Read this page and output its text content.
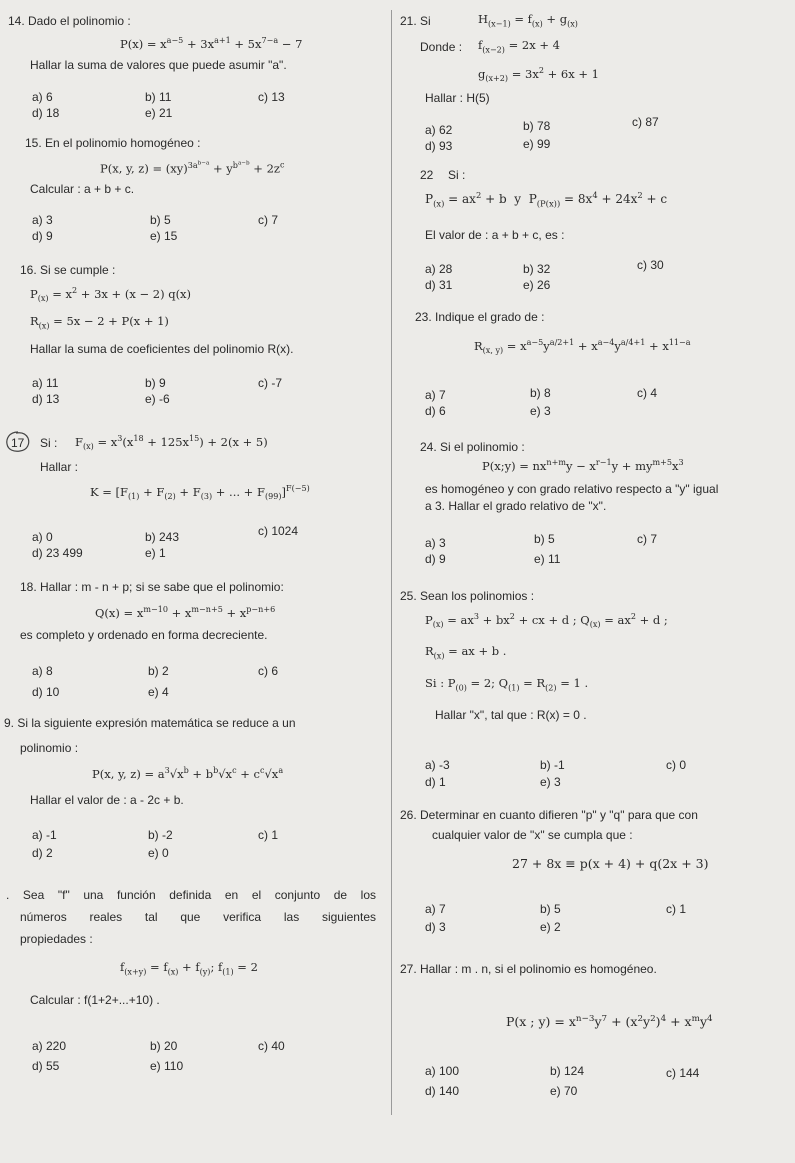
14. Dado el polinomio :
$P(x) = x^{a-5} + 3x^{a+1} + 5x^{7-a} - 7$
Hallar la suma de valores que puede asumir "a".
a) 6	b) 11	c) 13
d) 18	e) 21
15. En el polinomio homogéneo :
P(x, y, $z) = (xy)^{3a^{b-a}} + y^{b^{a-b}} + 2z^c$
Calcular : a + b + c.
a) 3	b) 5	c) 7
d) 9	e) 15
16. Si se cumple :
$P_{(x)} = x^2 + 3x + (x - 2)$ q(x)
$R_{(x)} = 5x - 2 + P(x + 1)$
Hallar la suma de coeficientes del polinomio R(x).
a) 11	b) 9	c) -7
d) 13	e) -6
17 Si : $F_{(x)} = x^3(x^{18} + 125x^{15}) + 2(x + 5)$
Hallar :
$K = [F_{(1)} + F_{(2)} + F_{(3)}$ + ... + $F_{(99)}]^{F(-5)}$
a) 0	b) 243	c) 1024
d) 23 499	e) 1
18. Hallar : m - n + p; si se sabe que el polinomio:
$Q(x) = x^{m-10} + x^{m-n+5} + x^{p-n+6}$
es completo y ordenado en forma decreciente.
a) 8	b) 2	c) 6
d) 10	e) 4
9. Si la siguiente expresión matemática se reduce a un
polinomio :
P(x, y, $z) = a^3√x^b + b^b√x^c + c^c√x^a$
Hallar el valor de : a - 2c + b.
a) -1	b) -2	c) 1
d) 2	e) 0
. Sea "f" una función definida en el conjunto de los
números reales tal que verifica las siguientes
propiedades :
$f_{(x+y)} = f_{(x)} + f_{(y)}$; $f_{(1)} = 2$
Calcular : f(1+2+...+10) .
a) 220	b) 20	c) 40
d) 55	e) 110
21. Si	$H_{(x-1)} = f_{(x)} + g_{(x)}$
Donde : $f_{(x-2)} = 2x + 4$
$g_{(x+2)} = 3x^2 + 6x + 1$
Hallar : H(5)
a) 62	b) 78	c) 87
d) 93	e) 99
22 Si :
$P_{(x)} = ax^2 + b$  y  $P_{(P(x))} = 8x^4 + 24x^2 + c$
El valor de : a + b + c, es :
a) 28	b) 32	c) 30
d) 31	e) 26
23. Indique el grado de :
$R_{(x, y)} = x^{a-5}y^{a/2+1} + x^{a-4}y^{a/4+1} + x^{11-a}$
a) 7	b) 8	c) 4
d) 6	e) 3
24. Si el polinomio :
P(x;y) = $nx^{n+m}y - x^{r-1}y + my^{m+5}x^3$
es homogéneo y con grado relativo respecto a "y" igual
a 3. Hallar el grado relativo de "x".
a) 3	b) 5	c) 7
d) 9	e) 11
25. Sean los polinomios :
$P_{(x)} = ax^3 + bx^2$ + cx + d ; $Q_{(x)} = ax^2 + d$ ;
$R_{(x)}$ = ax + b .
Si : $P_{(0)} = 2$; $Q_{(1)} = R_{(2)} = 1$ .
Hallar "x", tal que : R(x) = 0 .
a) -3	b) -1	c) 0
d) 1	e) 3
26. Determinar en cuanto difieren "p" y "q" para que con
cualquier valor de "x" se cumpla que :
27 + 8x ≡ p(x + 4) + q(2x + 3)
a) 7	b) 5	c) 1
d) 3	e) 2
27. Hallar : m . n, si el polinomio es homogéneo.
P(x ; $y) = x^{n-3}y^7 + (x^2y^2)^4 + x^my^4$
a) 100	b) 124	c) 144
d) 140	e) 70
